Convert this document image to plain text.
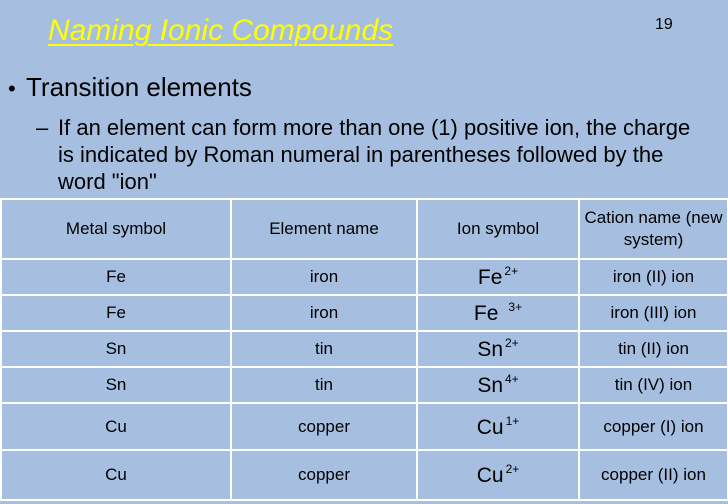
Naming Ionic Compounds	19
• Transition elements
– If an element can form more than one (1) positive ion, the charge is indicated by Roman numeral in parentheses followed by the word "ion"
Metal symbol	Element name	Ion symbol	Cation name (new system)
Fe	iron	Fe $^{2+}$	iron (II) ion
Fe	iron	Fe $^{3+}$	iron (III) ion
Sn	tin	Sn $^{2+}$	tin (II) ion
Sn	tin	Sn $^{4+}$	tin (IV) ion
Cu	copper	Cu $^{1+}$	copper (I) ion
Cu	copper	Cu $^{2+}$	copper (II) ion
